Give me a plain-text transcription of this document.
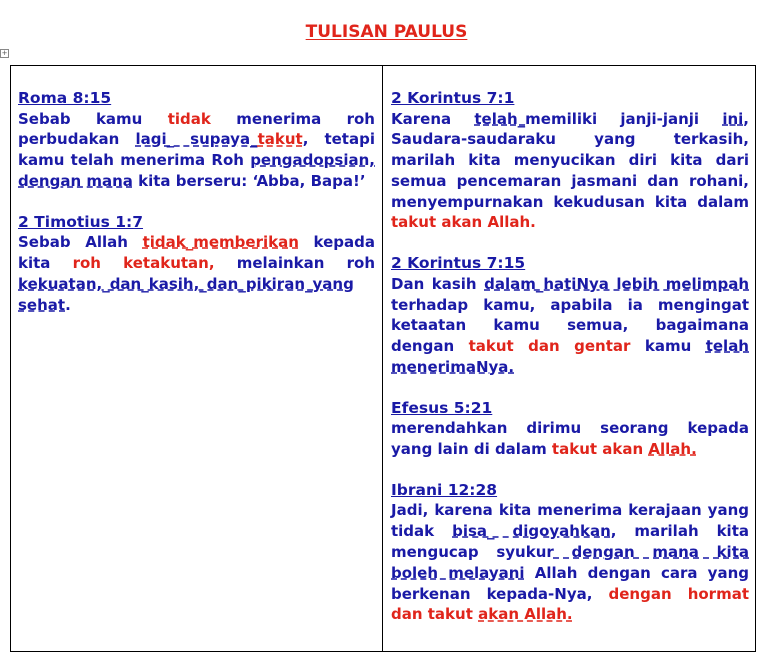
TULISAN PAULUS
+
Roma 8:15
Sebab kamu tidak menerima roh perbudakan lagi_ supaya_takut, tetapi kamu telah menerima Roh pengadopsian, dengan mana kita berseru: ‘Abba, Bapa!’
2 Timotius 1:7
Sebab Allah tidak_memberikan kepada kita roh ketakutan, melainkan roh kekuatan,_dan_kasih,_dan_pikiran_yang sehat.
2 Korintus 7:1
Karena telah_memiliki janji-janji ini, Saudara-saudaraku yang terkasih, marilah kita menyucikan diri kita dari semua pencemaran jasmani dan rohani, menyempurnakan kekudusan kita dalam takut akan Allah.
2 Korintus 7:15
Dan kasih dalam_hatiNya lebih melimpah terhadap kamu, apabila ia mengingat ketaatan kamu semua, bagaimana dengan takut dan gentar kamu telah menerimaNya.
Efesus 5:21
merendahkan dirimu seorang kepada yang lain di dalam takut akan Allah.
Ibrani 12:28
Jadi, karena kita menerima kerajaan yang tidak bisa_ digoyahkan, marilah kita mengucap syukur dengan mana kita boleh melayani Allah dengan cara yang berkenan kepada-Nya, dengan hormat dan takut akan Allah.
